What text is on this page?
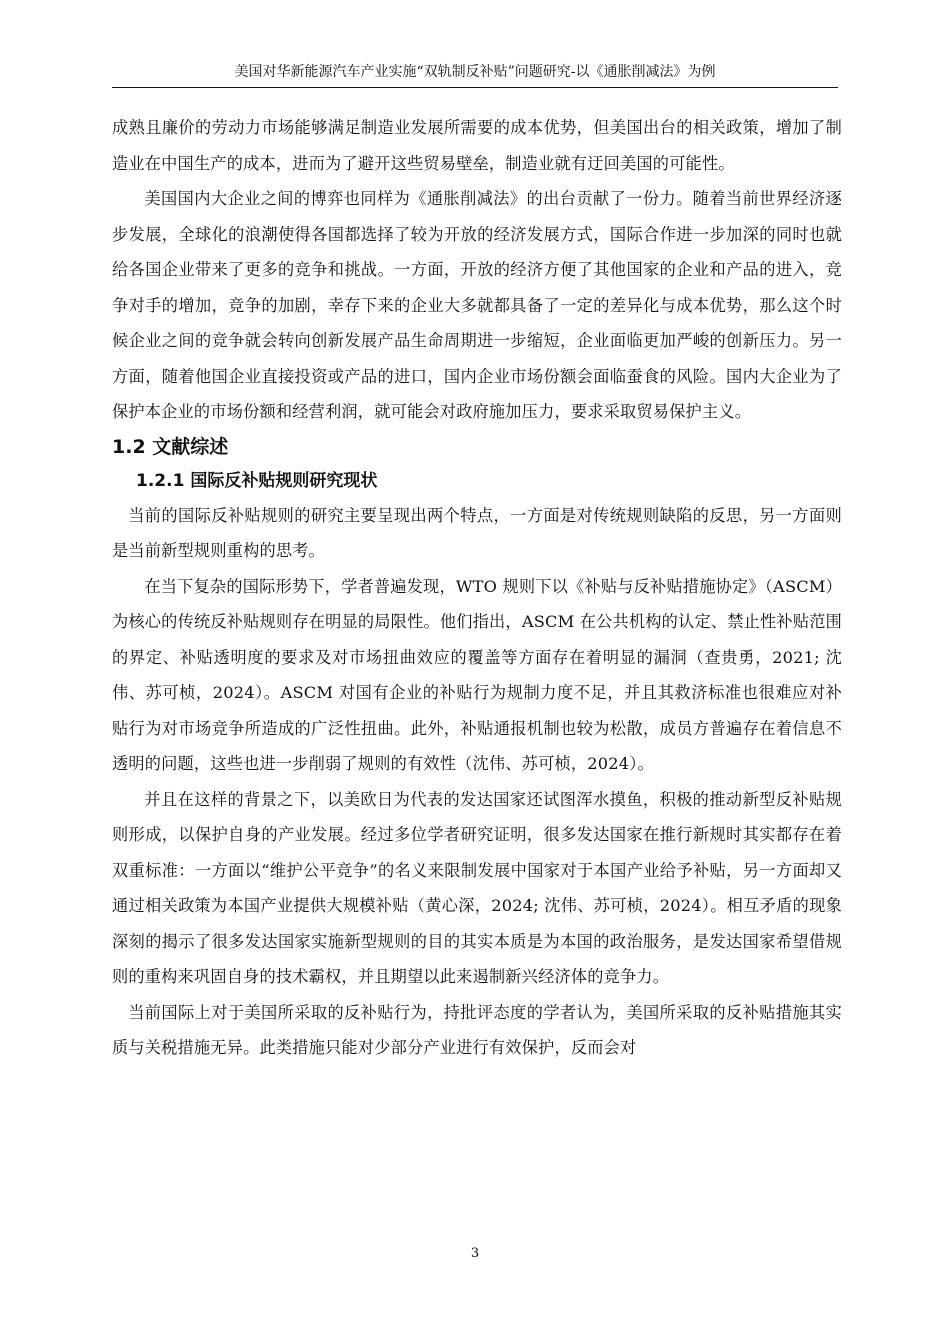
美国对华新能源汽车产业实施“双轨制反补贴”问题研究-以《通胀削减法》为例

成熟且廉价的劳动力市场能够满足制造业发展所需要的成本优势，但美国出台的相关政策，增加了制造业在中国生产的成本，进而为了避开这些贸易壁垒，制造业就有迂回美国的可能性。

美国国内大企业之间的博弈也同样为《通胀削减法》的出台贡献了一份力。随着当前世界经济逐步发展，全球化的浪潮使得各国都选择了较为开放的经济发展方式，国际合作进一步加深的同时也就给各国企业带来了更多的竞争和挑战。一方面，开放的经济方便了其他国家的企业和产品的进入，竞争对手的增加，竞争的加剧，幸存下来的企业大多就都具备了一定的差异化与成本优势，那么这个时候企业之间的竞争就会转向创新发展产品生命周期进一步缩短，企业面临更加严峻的创新压力。另一方面，随着他国企业直接投资或产品的进口，国内企业市场份额会面临蚕食的风险。国内大企业为了保护本企业的市场份额和经营利润，就可能会对政府施加压力，要求采取贸易保护主义。

1.2 文献综述
1.2.1 国际反补贴规则研究现状

当前的国际反补贴规则的研究主要呈现出两个特点，一方面是对传统规则缺陷的反思，另一方面则是当前新型规则重构的思考。

在当下复杂的国际形势下，学者普遍发现，WTO 规则下以《补贴与反补贴措施协定》（ASCM）为核心的传统反补贴规则存在明显的局限性。他们指出，ASCM 在公共机构的认定、禁止性补贴范围的界定、补贴透明度的要求及对市场扭曲效应的覆盖等方面存在着明显的漏洞（查贵勇，2021; 沈伟、苏可桢，2024）。ASCM 对国有企业的补贴行为规制力度不足，并且其救济标准也很难应对补贴行为对市场竞争所造成的广泛性扭曲。此外，补贴通报机制也较为松散，成员方普遍存在着信息不透明的问题，这些也进一步削弱了规则的有效性（沈伟、苏可桢，2024）。

并且在这样的背景之下，以美欧日为代表的发达国家还试图浑水摸鱼，积极的推动新型反补贴规则形成，以保护自身的产业发展。经过多位学者研究证明，很多发达国家在推行新规时其实都存在着双重标准：一方面以“维护公平竞争”的名义来限制发展中国家对于本国产业给予补贴，另一方面却又通过相关政策为本国产业提供大规模补贴（黄心深，2024; 沈伟、苏可桢，2024）。相互矛盾的现象深刻的揭示了很多发达国家实施新型规则的目的其实本质是为本国的政治服务，是发达国家希望借规则的重构来巩固自身的技术霸权，并且期望以此来遏制新兴经济体的竞争力。

当前国际上对于美国所采取的反补贴行为，持批评态度的学者认为，美国所采取的反补贴措施其实质与关税措施无异。此类措施只能对少部分产业进行有效保护，反而会对

3
